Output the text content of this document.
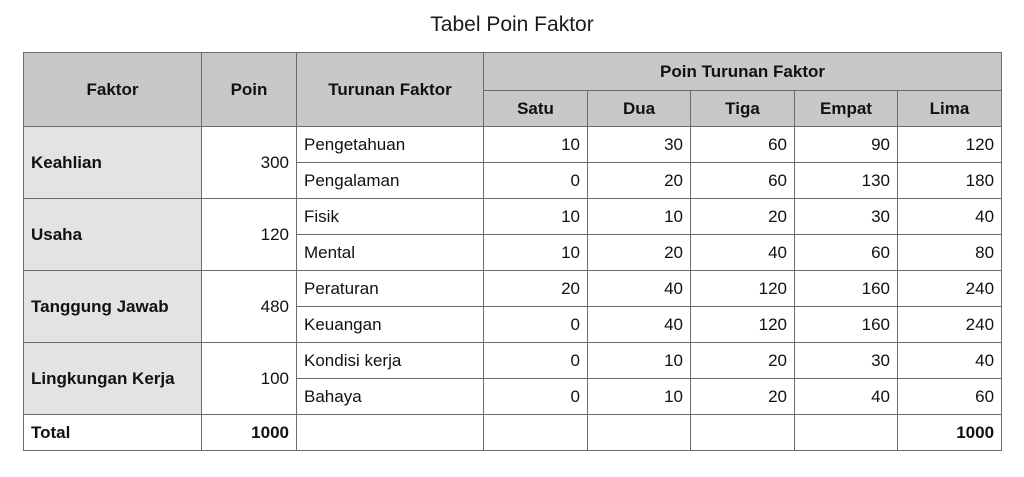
Tabel Poin Faktor
Faktor	Poin	Turunan Faktor	Poin Turunan Faktor				
			Satu	Dua	Tiga	Empat	Lima
Keahlian	300	Pengetahuan	10	30	60	90	120
		Pengalaman	0	20	60	130	180
Usaha	120	Fisik	10	10	20	30	40
		Mental	10	20	40	60	80
Tanggung Jawab	480	Peraturan	20	40	120	160	240
		Keuangan	0	40	120	160	240
Lingkungan Kerja	100	Kondisi kerja	0	10	20	30	40
		Bahaya	0	10	20	40	60
Total	1000						1000
